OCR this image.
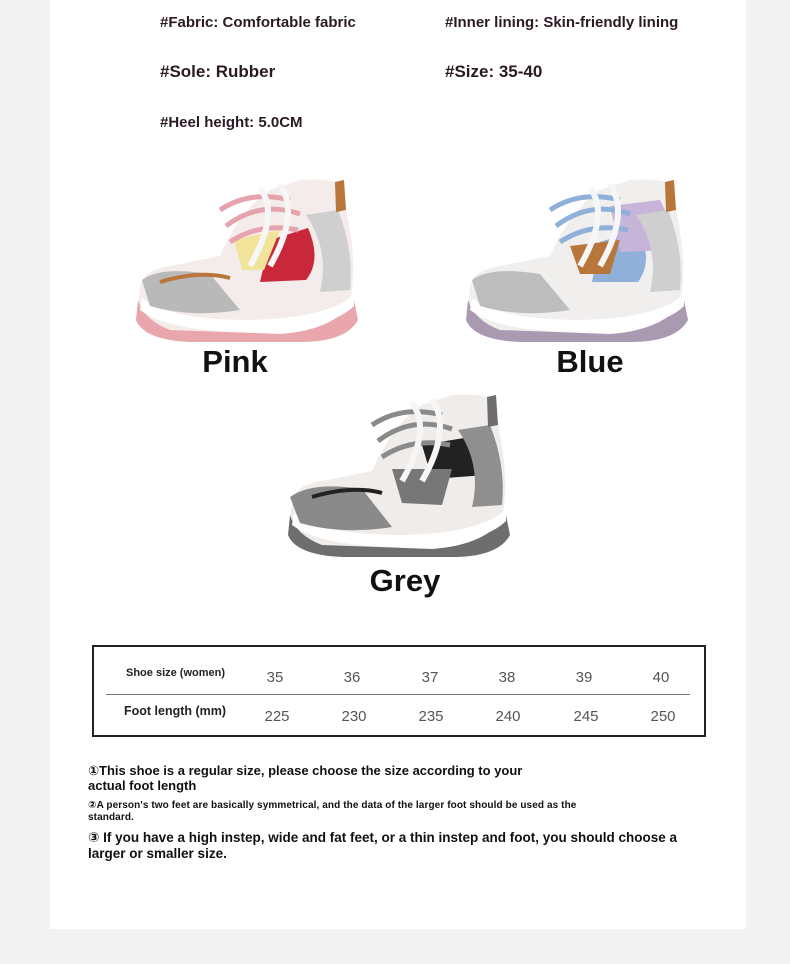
#Fabric: Comfortable fabric	#Inner lining: Skin-friendly lining
#Sole: Rubber	#Size: 35-40
#Heel height: 5.0CM
Pink	Blue
Grey
Shoe size (women)	35	36	37	38	39	40
Foot length (mm)	225	230	235	240	245	250
①This shoe is a regular size, please choose the size according to your actual foot length
②A person's two feet are basically symmetrical, and the data of the larger foot should be used as the standard.
③ If you have a high instep, wide and fat feet, or a thin instep and foot, you should choose a larger or smaller size.
